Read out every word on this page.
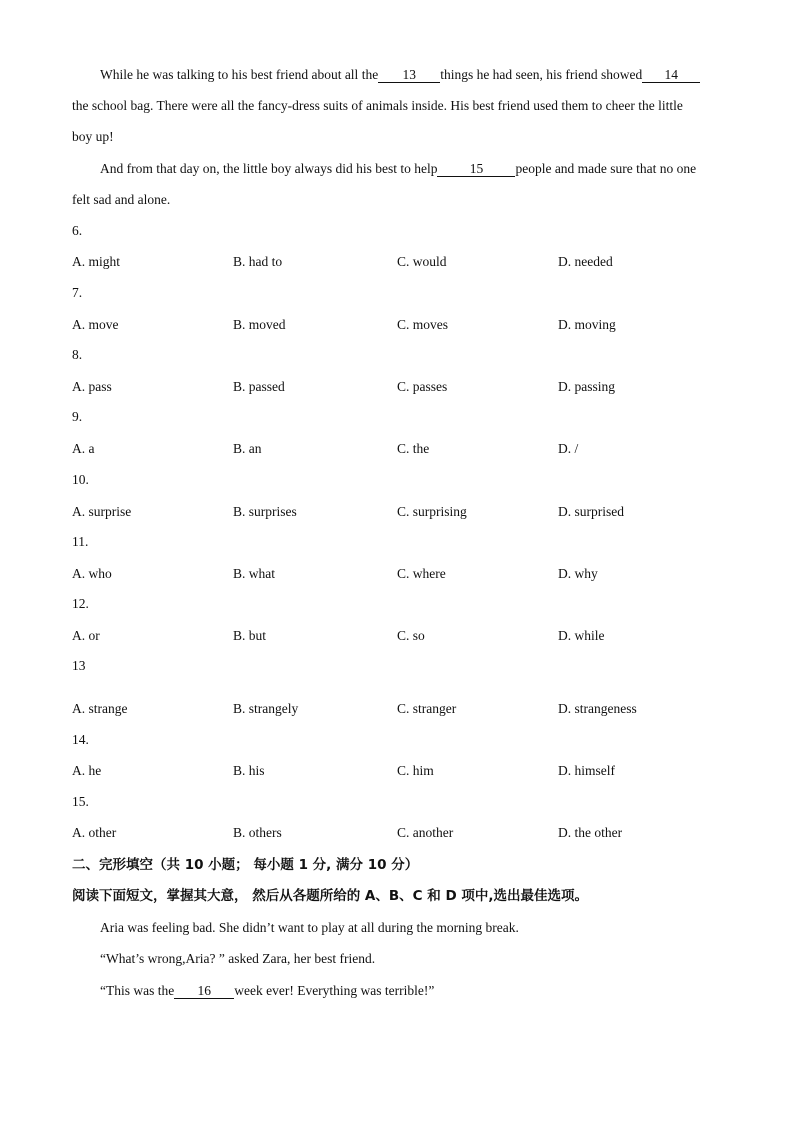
While he was talking to his best friend about all the 13 things he had seen, his friend showed 14
the school bag. There were all the fancy-dress suits of animals inside. His best friend used them to cheer the little
boy up!
And from that day on, the little boy always did his best to help 15 people and made sure that no one
felt sad and alone.
6.
A. might	B. had to	C. would	D. needed
7.
A. move	B. moved	C. moves	D. moving
8.
A. pass	B. passed	C. passes	D. passing
9.
A. a	B. an	C. the	D. /
10.
A. surprise	B. surprises	C. surprising	D. surprised
11.
A. who	B. what	C. where	D. why
12.
A. or	B. but	C. so	D. while
13
A. strange	B. strangely	C. stranger	D. strangeness
14.
A. he	B. his	C. him	D. himself
15.
A. other	B. others	C. another	D. the other
二、完形填空（共 10 小题； 每小题 1 分, 满分 10 分）
阅读下面短文，掌握其大意， 然后从各题所给的 A、B、C 和 D 项中,选出最佳选项。
Aria was feeling bad. She didn’t want to play at all during the morning break.
“What’s wrong,Aria? ” asked Zara, her best friend.
“This was the 16 week ever! Everything was terrible!”
